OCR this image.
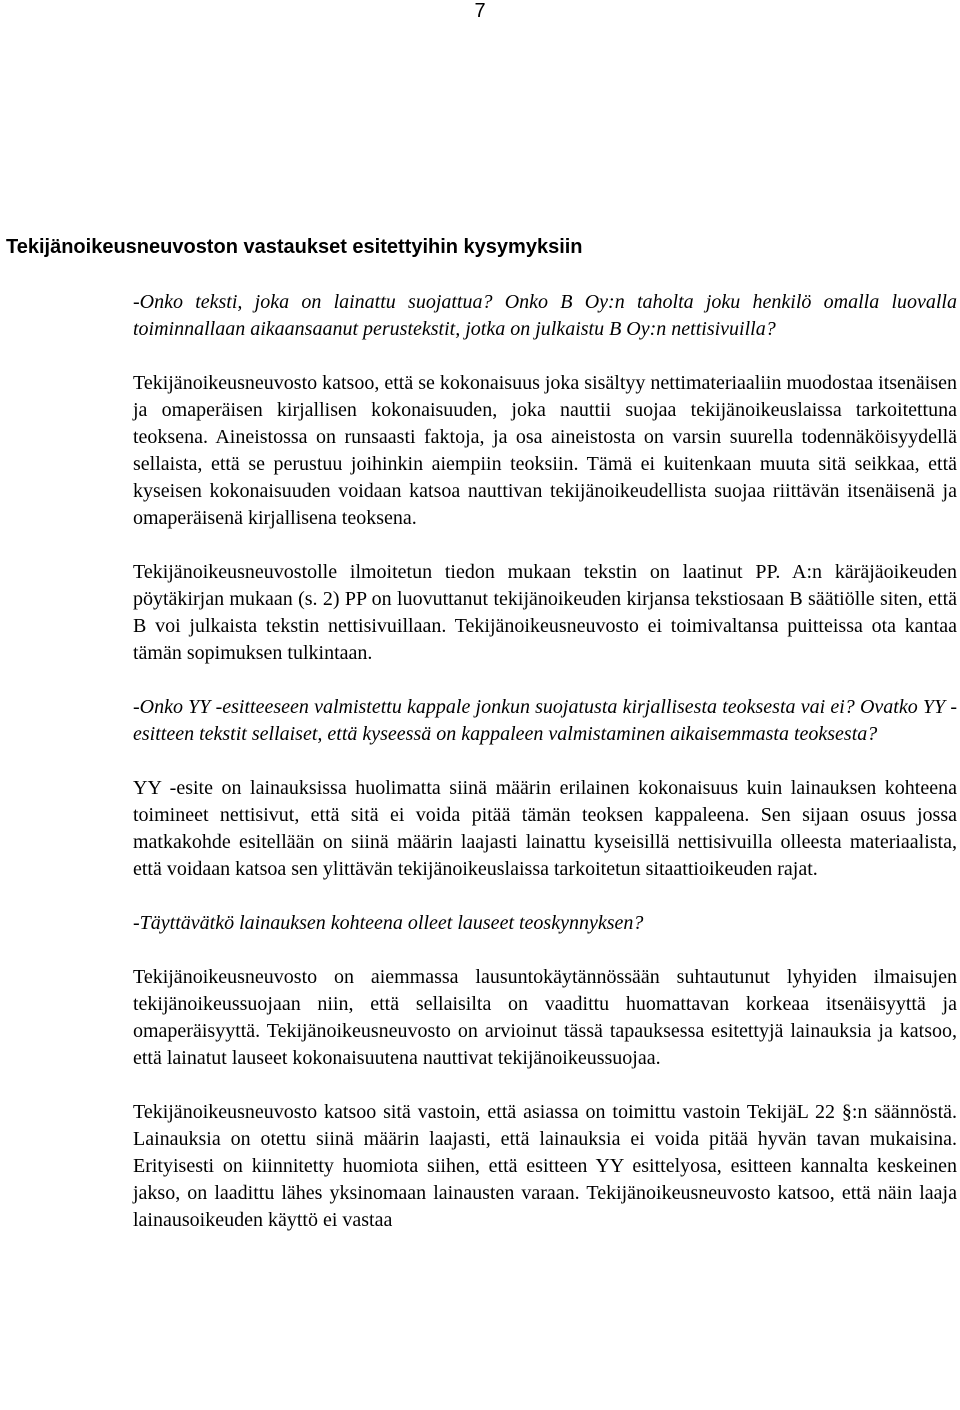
7
Tekijänoikeusneuvoston vastaukset esitettyihin kysymyksiin

-Onko teksti, joka on lainattu suojattua? Onko B Oy:n taholta joku henkilö omalla luovalla toiminnallaan aikaansaanut perustekstit, jotka on julkaistu B Oy:n nettisivuilla?

Tekijänoikeusneuvosto katsoo, että se kokonaisuus joka sisältyy nettimateriaaliin muodostaa itsenäisen ja omaperäisen kirjallisen kokonaisuuden, joka nauttii suojaa tekijänoikeuslaissa tarkoitettuna teoksena. Aineistossa on runsaasti faktoja, ja osa aineistosta on varsin suurella todennäköisyydellä sellaista, että se perustuu joihinkin aiempiin teoksiin. Tämä ei kuitenkaan muuta sitä seikkaa, että kyseisen kokonaisuuden voidaan katsoa nauttivan tekijänoikeudellista suojaa riittävän itsenäisenä ja omaperäisenä kirjallisena teoksena.

Tekijänoikeusneuvostolle ilmoitetun tiedon mukaan tekstin on laatinut PP. A:n käräjäoikeuden pöytäkirjan mukaan (s. 2) PP on luovuttanut tekijänoikeuden kirjansa tekstiosaan B säätiölle siten, että B voi julkaista tekstin nettisivuillaan. Tekijänoikeusneuvosto ei toimivaltansa puitteissa ota kantaa tämän sopimuksen tulkintaan.

-Onko YY -esitteeseen valmistettu kappale jonkun suojatusta kirjallisesta teoksesta vai ei? Ovatko YY -esitteen tekstit sellaiset, että kyseessä on kappaleen valmistaminen aikaisemmasta teoksesta?

YY -esite on lainauksissa huolimatta siinä määrin erilainen kokonaisuus kuin lainauksen kohteena toimineet nettisivut, että sitä ei voida pitää tämän teoksen kappaleena. Sen sijaan osuus jossa matkakohde esitellään on siinä määrin laajasti lainattu kyseisillä nettisivuilla olleesta materiaalista, että voidaan katsoa sen ylittävän tekijänoikeuslaissa tarkoitetun sitaattioikeuden rajat.

-Täyttävätkö lainauksen kohteena olleet lauseet teoskynnyksen?

Tekijänoikeusneuvosto on aiemmassa lausuntokäytännössään suhtautunut lyhyiden ilmaisujen tekijänoikeussuojaan niin, että sellaisilta on vaadittu huomattavan korkeaa itsenäisyyttä ja omaperäisyyttä. Tekijänoikeusneuvosto on arvioinut tässä tapauksessa esitettyjä lainauksia ja katsoo, että lainatut lauseet kokonaisuutena nauttivat tekijänoikeussuojaa.

Tekijänoikeusneuvosto katsoo sitä vastoin, että asiassa on toimittu vastoin TekijäL 22 §:n säännöstä. Lainauksia on otettu siinä määrin laajasti, että lainauksia ei voida pitää hyvän tavan mukaisina. Erityisesti on kiinnitetty huomiota siihen, että esitteen YY esittelyosa, esitteen kannalta keskeinen jakso, on laadittu lähes yksinomaan lainausten varaan. Tekijänoikeusneuvosto katsoo, että näin laaja lainausoikeuden käyttö ei vastaa
